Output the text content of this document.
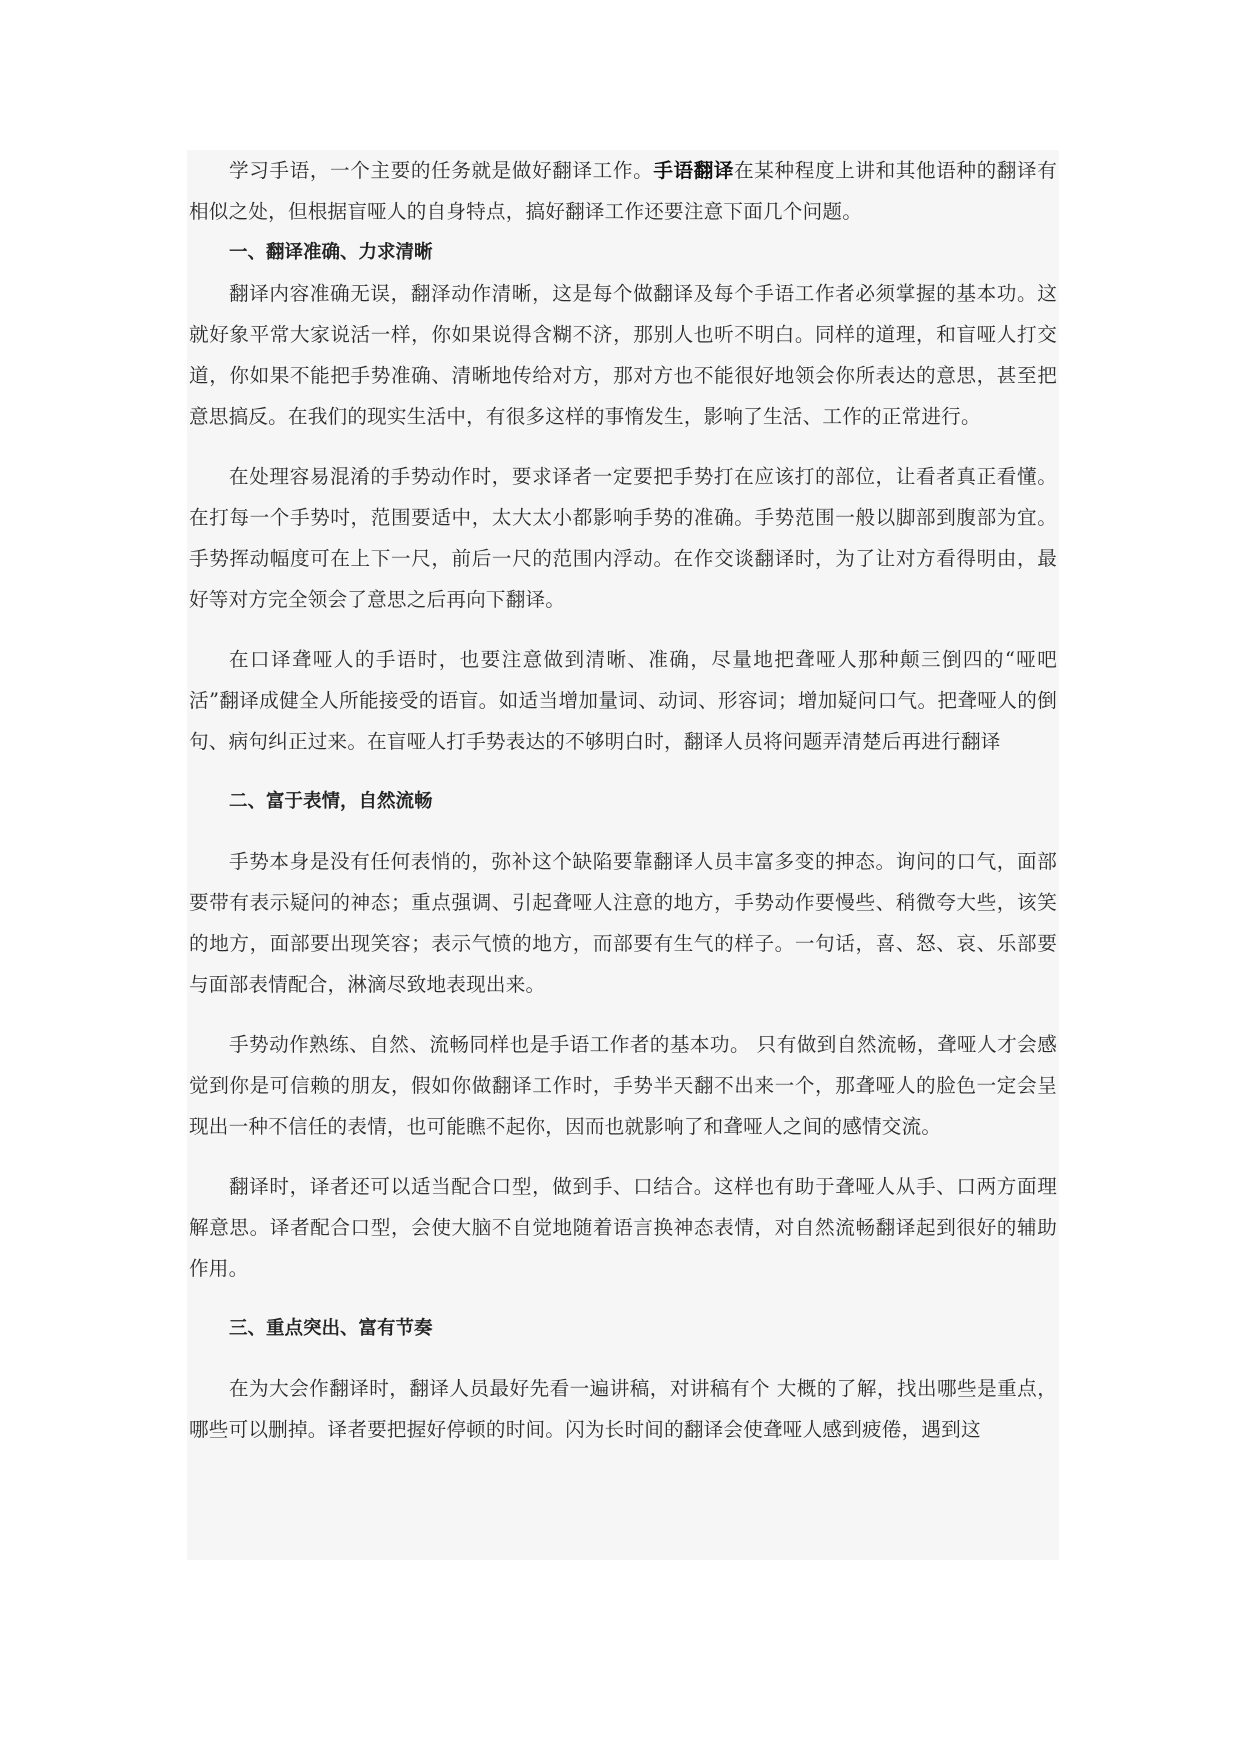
学习手语，一个主要的任务就是做好翻译工作。手语翻译在某种程度上讲和其他语种的翻译有相似之处，但根据盲哑人的自身特点，搞好翻译工作还要注意下面几个问题。

一、翻译准确、力求清晰

翻译内容准确无误，翻泽动作清晰，这是每个做翻译及每个手语工作者必须掌握的基本功。这就好象平常大家说活一样，你如果说得含糊不济，那别人也听不明白。同样的道理，和盲哑人打交道，你如果不能把手势准确、清晰地传给对方，那对方也不能很好地领会你所表达的意思，甚至把意思搞反。在我们的现实生活中，有很多这样的事惰发生，影响了生活、工作的正常进行。

在处理容易混淆的手势动作时，要求译者一定要把手势打在应该打的部位，让看者真正看懂。在打每一个手势吋，范围要适中，太大太小都影响手势的准确。手势范围一般以脚部到腹部为宜。手势挥动幅度可在上下一尺，前后一尺的范围内浮动。在作交谈翻译时，为了让对方看得明由，最好等对方完全领会了意思之后再向下翻译。

在口译聋哑人的手语时，也要注意做到清晰、准确，尽量地把聋哑人那种颠三倒四的“哑吧活”翻译成健全人所能接受的语盲。如适当增加量词、动词、形容词；增加疑问口气。把聋哑人的倒句、病句纠正过来。在盲哑人打手势表达的不够明白时，翻译人员将问题弄清楚后再进行翻译

二、富于表情，自然流畅

手势本身是没有任何表悄的，弥补这个缺陷要靠翻译人员丰富多变的抻态。询问的口气，面部要带有表示疑问的神态；重点强调、引起聋哑人注意的地方，手势动作要慢些、稍微夸大些，该笑的地方，面部要出现笑容；表示气愤的地方，而部要有生气的样子。一句话，喜、怒、哀、乐部要与面部表情配合，淋滴尽致地表现出来。

手势动作熟练、自然、流畅同样也是手语工作者的基本功。 只有做到自然流畅，聋哑人才会感觉到你是可信赖的朋友，假如你做翻译工作时，手势半天翻不出来一个，那聋哑人的脸色一定会呈现出一种不信任的表情，也可能瞧不起你，因而也就影响了和聋哑人之间的感情交流。

翻译时，译者还可以适当配合口型，做到手、口结合。这样也有助于聋哑人从手、口两方面理解意思。译者配合口型，会使大脑不自觉地随着语言换神态表情，对自然流畅翻译起到很好的辅助作用。

三、重点突出、富有节奏

在为大会作翻译时，翻译人员最好先看一遍讲稿，对讲稿有个 大概的了解，找出哪些是重点，哪些可以删掉。译者要把握好停顿的时间。闪为长时间的翻译会使聋哑人感到疲倦，遇到这
